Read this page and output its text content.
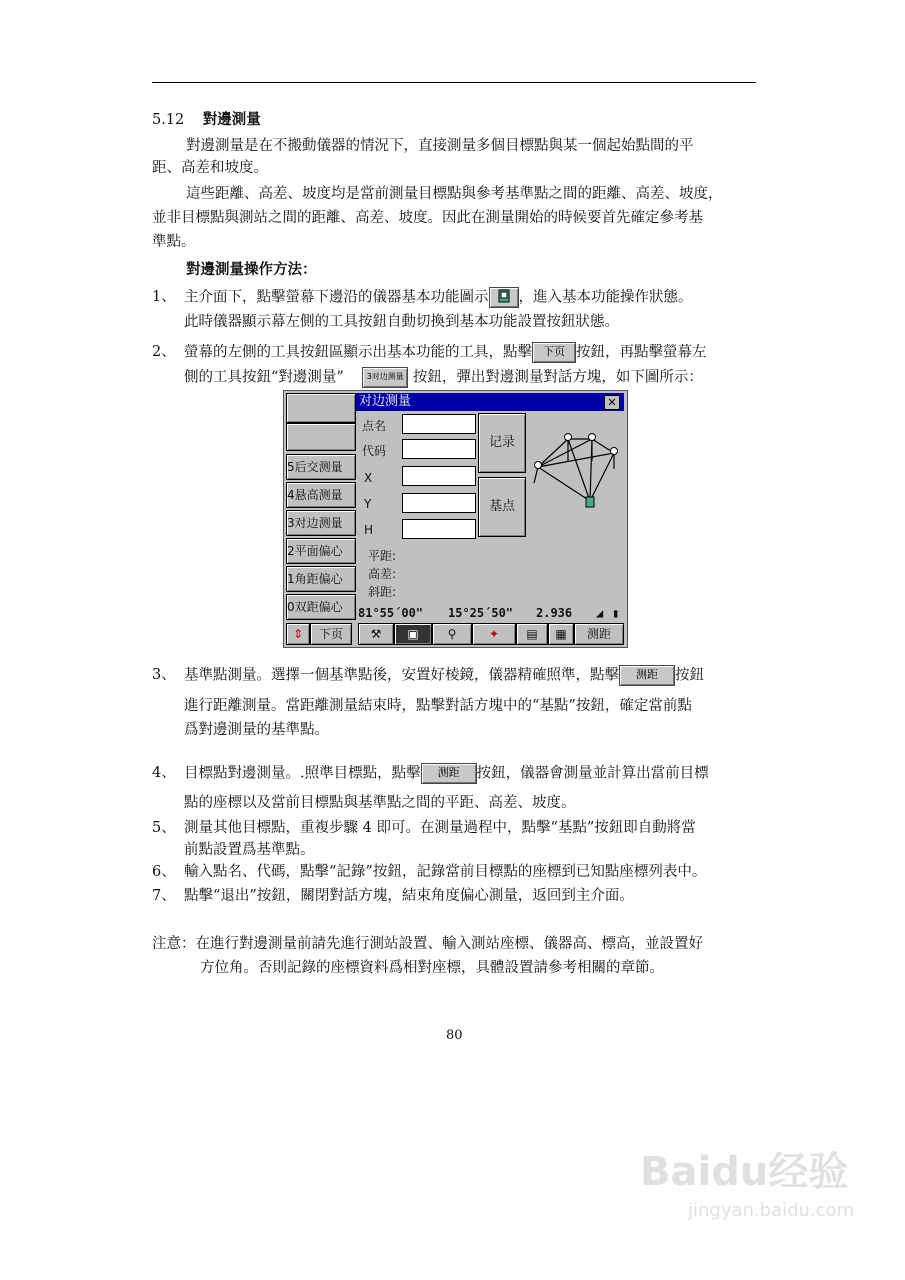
5.12 對邊測量
對邊測量是在不搬動儀器的情況下，直接測量多個目標點與某一個起始點間的平
距、高差和坡度。
這些距離、高差、坡度均是當前測量目標點與參考基準點之間的距離、高差、坡度，
並非目標點與測站之間的距離、高差、坡度。因此在測量開始的時候要首先確定參考基
準點。
對邊測量操作方法：
1、 主介面下，點擊螢幕下邊沿的儀器基本功能圖示 ，進入基本功能操作狀態。
此時儀器顯示幕左側的工具按鈕自動切換到基本功能設置按鈕狀態。
2、 螢幕的左側的工具按鈕區顯示出基本功能的工具，點擊 下页 按鈕，再點擊螢幕左
側的工具按鈕“對邊測量”	3对边测量 按鈕，彈出對邊測量對話方塊，如下圖所示：
5后交测量
4悬高测量
3对边测量
2平面偏心
1角距偏心
0双距偏心
对边测量	✕
点名
代码
X
Y
H
平距:
高差:
斜距:
记录
基点
81°55´00" 15°25´50" 2.936 ◢ ▮
⇕	下页	⚒	▣	⚲	✦	▤	▦	测距
3、 基準點測量。選擇一個基準點後，安置好棱鏡，儀器精確照準，點擊 测距 按鈕
進行距離測量。當距離測量結束時，點擊對話方塊中的“基點”按鈕，確定當前點
爲對邊測量的基準點。
4、 目標點對邊測量。.照準目標點，點擊 测距 按鈕，儀器會測量並計算出當前目標
點的座標以及當前目標點與基準點之間的平距、高差、坡度。
5、 測量其他目標點，重複步驟 4 即可。在測量過程中，點擊“基點”按鈕即自動將當
前點設置爲基準點。
6、 輸入點名、代碼，點擊“記錄”按鈕，記錄當前目標點的座標到已知點座標列表中。
7、 點擊“退出”按鈕，關閉對話方塊，結束角度偏心測量，返回到主介面。
注意：在進行對邊測量前請先進行測站設置、輸入測站座標、儀器高、標高，並設置好
方位角。否則記錄的座標資料爲相對座標，具體設置請參考相關的章節。
80
Baidu经验
jingyan.baidu.com
